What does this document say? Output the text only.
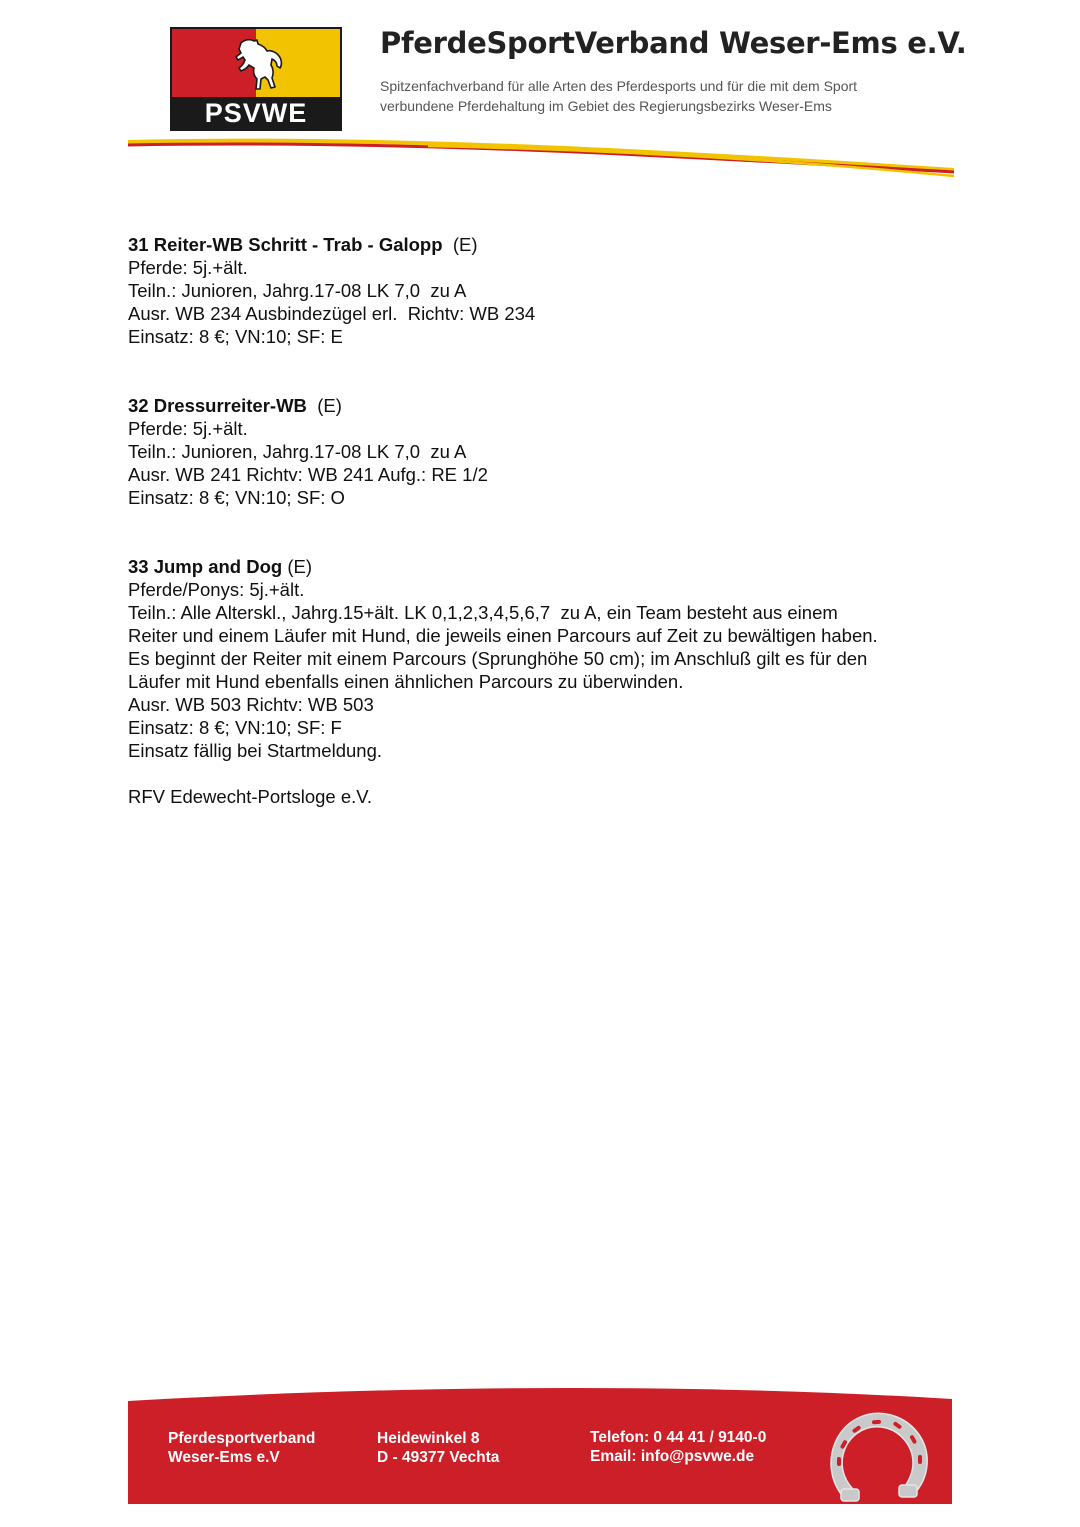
PSVWE
PferdeSportVerband Weser-Ems e.V.
Spitzenfachverband für alle Arten des Pferdesports und für die mit dem Sport
verbundene Pferdehaltung im Gebiet des Regierungsbezirks Weser-Ems

31 Reiter-WB Schritt - Trab - Galopp (E)

Pferde: 5j.+ält.

Teiln.: Junioren, Jahrg.17-08 LK 7,0  zu A

Ausr. WB 234 Ausbindezügel erl.  Richtv: WB 234

Einsatz: 8 €; VN:10; SF: E

32 Dressurreiter-WB (E)

Pferde: 5j.+ält.

Teiln.: Junioren, Jahrg.17-08 LK 7,0  zu A

Ausr. WB 241 Richtv: WB 241 Aufg.: RE 1/2

Einsatz: 8 €; VN:10; SF: O

33 Jump and Dog (E)

Pferde/Ponys: 5j.+ält.

Teiln.: Alle Alterskl., Jahrg.15+ält. LK 0,1,2,3,4,5,6,7  zu A, ein Team besteht aus einem

Reiter und einem Läufer mit Hund, die jeweils einen Parcours auf Zeit zu bewältigen haben.

Es beginnt der Reiter mit einem Parcours (Sprunghöhe 50 cm); im Anschluß gilt es für den

Läufer mit Hund ebenfalls einen ähnlichen Parcours zu überwinden.

Ausr. WB 503 Richtv: WB 503

Einsatz: 8 €; VN:10; SF: F

Einsatz fällig bei Startmeldung.

RFV Edewecht-Portsloge e.V.

Pferdesportverband
Weser-Ems e.V
Heidewinkel 8
D - 49377 Vechta
Telefon: 0 44 41 / 9140-0
Email: info@psvwe.de
